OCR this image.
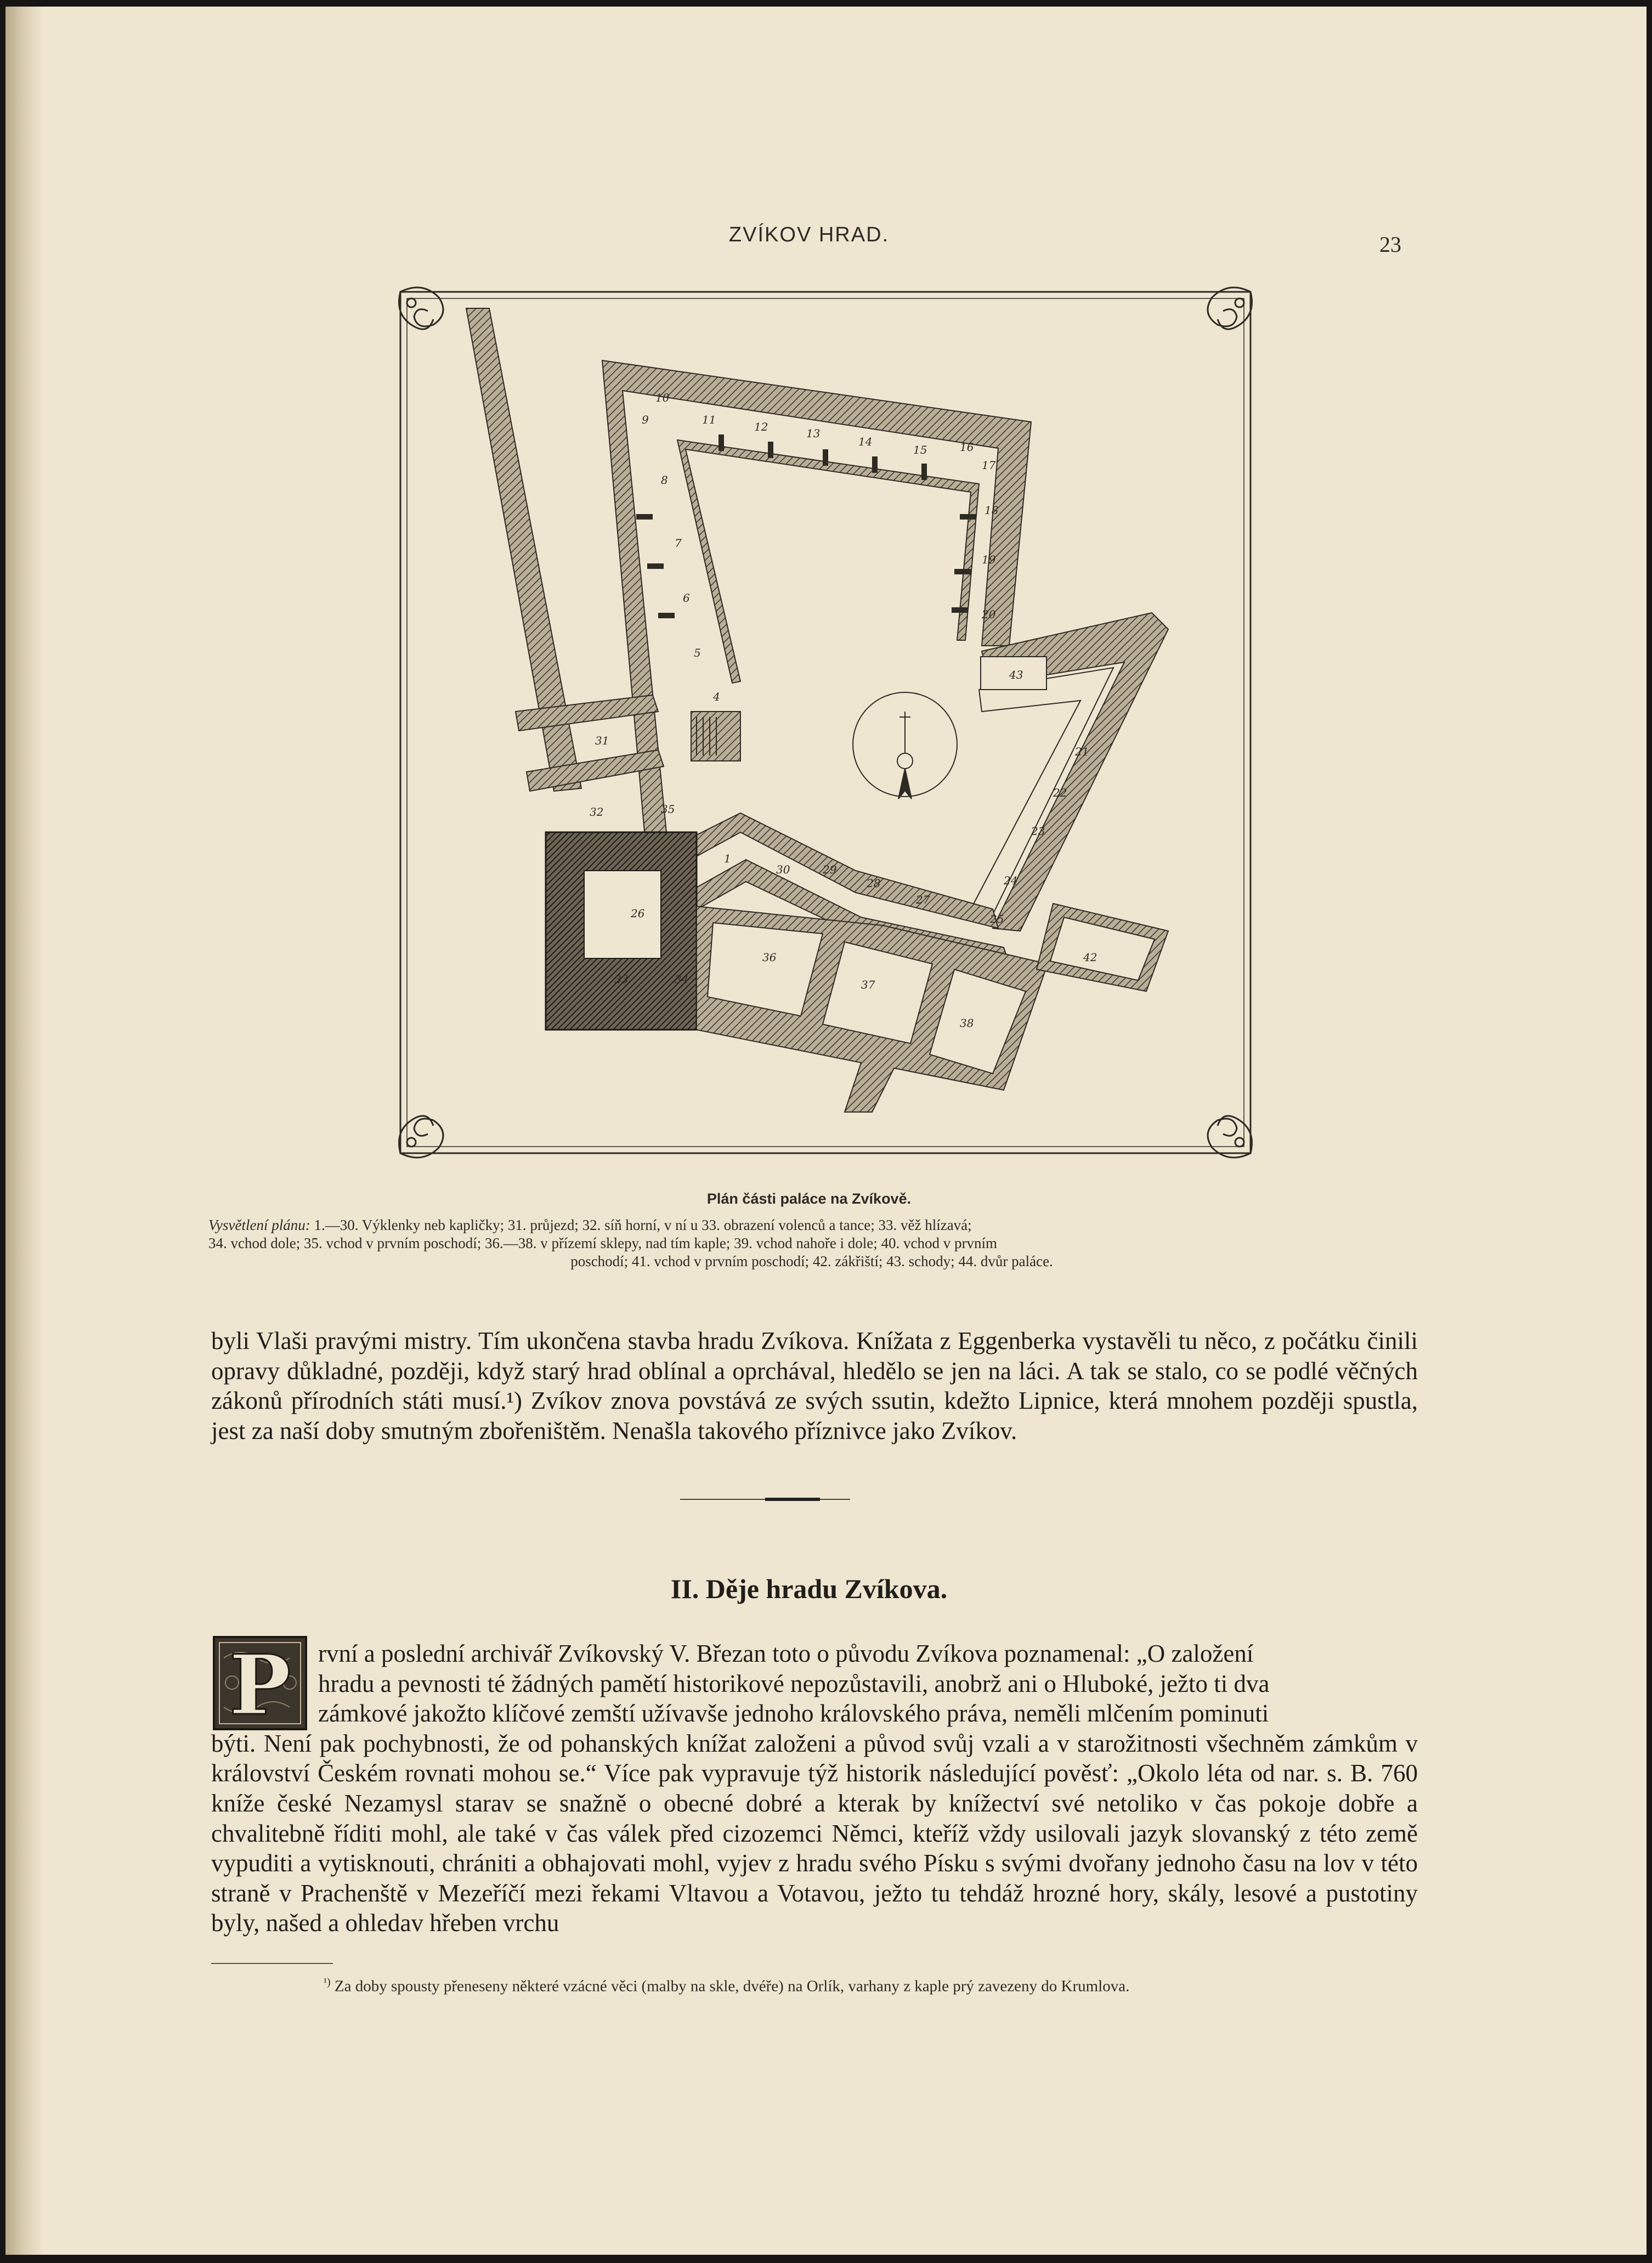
ZVÍKOV HRAD.	23
1
4
5
6
7
8
9
10
11
12	13
14
15	16
17
18
19
20
21
22
23
24
25
26
27
28
29
30
31
32
33	34
35
36
37
38
42
43
Plán části paláce na Zvíkově.
Vysvětlení plánu: 1.—30. Výklenky neb kapličky; 31. průjezd; 32. síň horní, v ní u 33. obrazení volenců a tance; 33. věž hlízavá;
34. vchod dole; 35. vchod v prvním poschodí; 36.—38. v přízemí sklepy, nad tím kaple; 39. vchod nahoře i dole; 40. vchod v prvním
poschodí; 41. vchod v prvním poschodí; 42. zákřiští; 43. schody; 44. dvůr paláce.

byli Vlaši pravými mistry. Tím ukončena stavba hradu Zvíkova. Knížata z Eggenberka vystavěli tu něco, z počátku činili opravy důkladné, později, když starý hrad oblínal a oprchával, hledělo se jen na láci. A tak se stalo, co se podlé věčných zákonů přírodních státi musí.¹) Zvíkov znova povstává ze svých ssutin, kdežto Lipnice, která mnohem později spustla, jest za naší doby smutným zbořeništěm. Nenašla takového příznivce jako Zvíkov.

II. Děje hradu Zvíkova.
P	rvní a poslední archivář Zvíkovský V. Březan toto o původu Zvíkova poznamenal: „O založení

hradu a pevnosti té žádných pamětí historikové nepozůstavili, anobrž ani o Hluboké, ježto ti dva

zámkové jakožto klíčové zemští užívavše jednoho královského práva, neměli mlčením pominuti

býti. Není pak pochybnosti, že od pohanských knížat založeni a původ svůj vzali a v starožitnosti všechněm zámkům v království Českém rovnati mohou se.“ Více pak vypravuje týž historik následující pověsť: „Okolo léta od nar. s. B. 760 kníže české Nezamysl starav se snažně o obecné dobré a kterak by knížectví své netoliko v čas pokoje dobře a chvalitebně říditi mohl, ale také v čas válek před cizozemci Němci, kteříž vždy usilovali jazyk slovanský z této země vypuditi a vytisknouti, chrániti a obhajovati mohl, vyjev z hradu svého Písku s svými dvořany jednoho času na lov v této straně v Prachenště v Mezeříčí mezi řekami Vltavou a Votavou, ježto tu tehdáž hrozné hory, skály, lesové a pustotiny byly, našed a ohledav hřeben vrchu

$^{^1)}$ Za doby spousty přeneseny některé vzácné věci (malby na skle, dvéře) na Orlík, varhany z kaple prý zavezeny do Krumlova.
